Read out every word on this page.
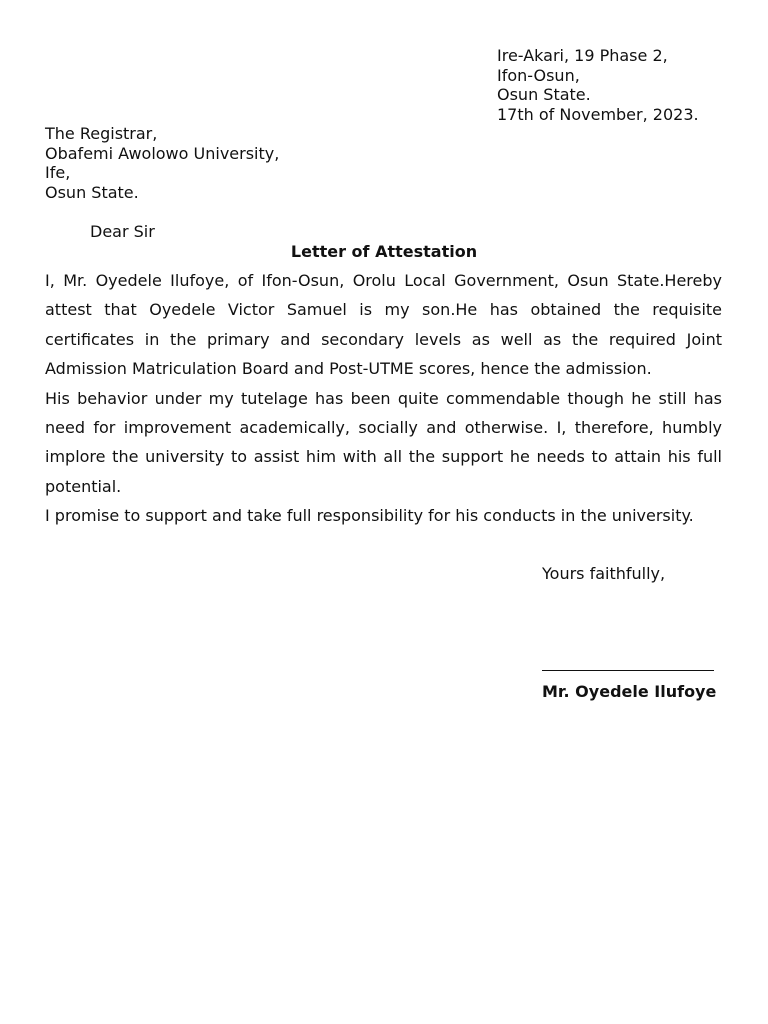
Ire-Akari, 19 Phase 2,
Ifon-Osun,
Osun State.
17th of November, 2023.
The Registrar,
Obafemi Awolowo University,
Ife,
Osun State.
Dear Sir
Letter of Attestation

I, Mr. Oyedele Ilufoye, of Ifon-Osun, Orolu Local Government, Osun State.Hereby attest that Oyedele Victor Samuel is my son.He has obtained the requisite certificates in the primary and secondary levels as well as the required Joint Admission Matriculation Board and Post-UTME scores, hence the admission.

His behavior under my tutelage has been quite commendable though he still has need for improvement academically, socially and otherwise. I, therefore, humbly implore the university to assist him with all the support he needs to attain his full potential.

I promise to support and take full responsibility for his conducts in the university.

Yours faithfully,
Mr. Oyedele Ilufoye
